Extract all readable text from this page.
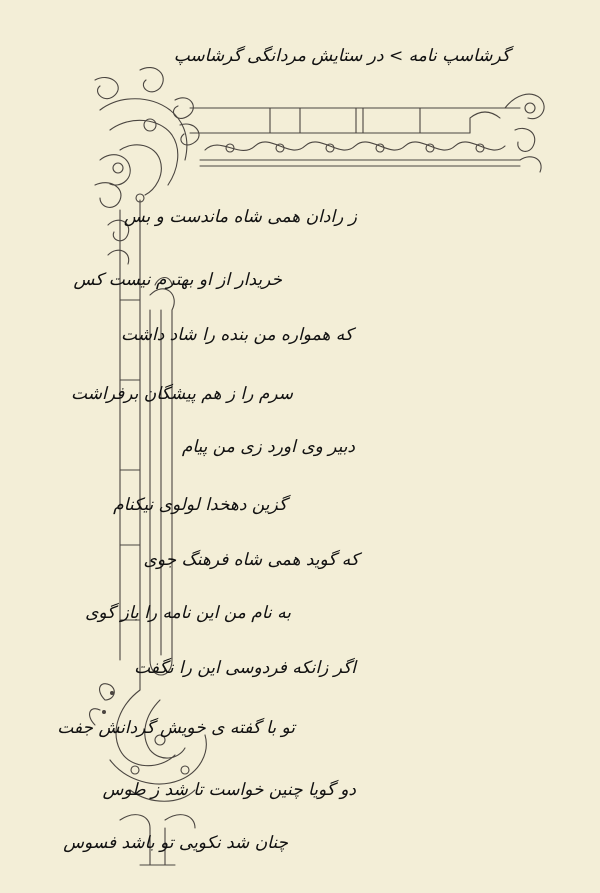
گرشاسپ نامه > در ستایش مردانگی گرشاسپ
ز رادان همی شاه ماندست و بس
خریدار از او بهترم نیست کس
که همواره من بنده را شاد داشت
سرم را ز هم پیشگان برفراشت
دبیر وی اورد زی من پیام
گزین دهخدا لولوی نیکنام
که گوید همی شاه فرهنگ جوی
به نام من این نامه را باز گوی
اگر زانکه فردوسی این را نگفت
تو با گفته ی خویش گردانش جفت
دو گویا چنین خواست تا شد ز طوس
چنان شد نکویی تو باشد فسوس
